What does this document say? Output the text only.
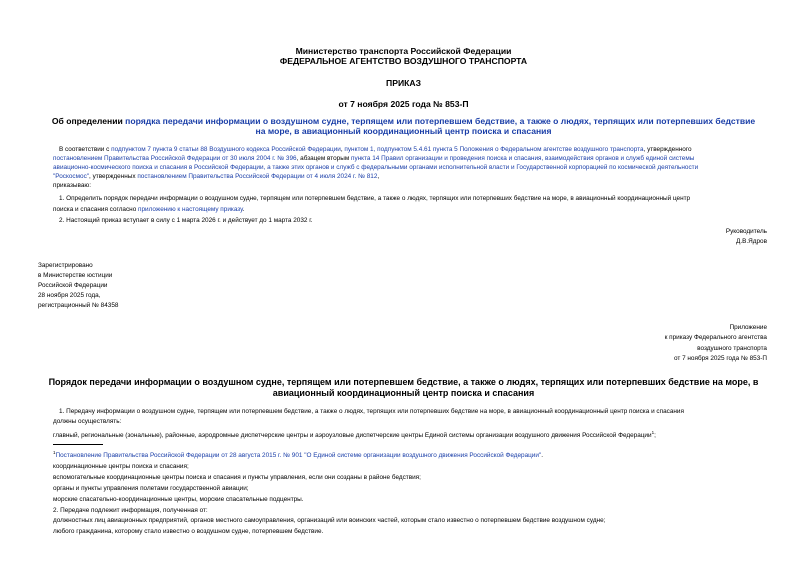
Министерство транспорта Российской Федерации
ФЕДЕРАЛЬНОЕ АГЕНТСТВО ВОЗДУШНОГО ТРАНСПОРТА
ПРИКАЗ
от 7 ноября 2025 года № 853-П
Об определении порядка передачи информации о воздушном судне, терпящем или потерпевшем бедствие, а также о людях, терпящих или потерпевших бедствие
на море, в авиационный координационный центр поиска и спасания
В соответствии с подпунктом 7 пункта 9 статьи 88 Воздушного кодекса Российской Федерации, пунктом 1, подпунктом 5.4.61 пункта 5 Положения о Федеральном агентстве воздушного транспорта, утвержденного
постановлением Правительства Российской Федерации от 30 июля 2004 г. № 396, абзацем вторым пункта 14 Правил организации и проведения поиска и спасания, взаимодействия органов и служб единой системы
авиационно-космического поиска и спасания в Российской Федерации, а также этих органов и служб с федеральными органами исполнительной власти и Государственной корпорацией по космической деятельности
"Роскосмос", утвержденных постановлением Правительства Российской Федерации от 4 июля 2024 г. № 812,
приказываю:
1. Определить порядок передачи информации о воздушном судне, терпящем или потерпевшем бедствие, а также о людях, терпящих или потерпевших бедствие на море, в авиационный координационный центр
поиска и спасания согласно приложению к настоящему приказу.
2. Настоящий приказ вступает в силу с 1 марта 2026 г. и действует до 1 марта 2032 г.
Руководитель
Д.В.Ядров
Зарегистрировано
в Министерстве юстиции
Российской Федерации
28 ноября 2025 года,
регистрационный № 84358
Приложение
к приказу Федерального агентства
воздушного транспорта
от 7 ноября 2025 года № 853-П
Порядок передачи информации о воздушном судне, терпящем или потерпевшем бедствие, а также о людях, терпящих или потерпевших бедствие на море, в
авиационный координационный центр поиска и спасания
1. Передачу информации о воздушном судне, терпящем или потерпевшем бедствие, а также о людях, терпящих или потерпевших бедствие на море, в авиационный координационный центр поиска и спасания
должны осуществлять:
главный, региональные (зональные), районные, аэродромные диспетчерские центры и аэроузловые диспетчерские центры Единой системы организации воздушного движения Российской Федерации$^1$;
$^1$Постановление Правительства Российской Федерации от 28 августа 2015 г. № 901 "О Единой системе организации воздушного движения Российской Федерации".
координационные центры поиска и спасания;
вспомогательные координационные центры поиска и спасания и пункты управления, если они созданы в районе бедствия;
органы и пункты управления полетами государственной авиации;
морские спасательно-координационные центры, морские спасательные подцентры.
2. Передаче подлежит информация, полученная от:
должностных лиц авиационных предприятий, органов местного самоуправления, организаций или воинских частей, которым стало известно о потерпевшем бедствие воздушном судне;
любого гражданина, которому стало известно о воздушном судне, потерпевшем бедствие.
